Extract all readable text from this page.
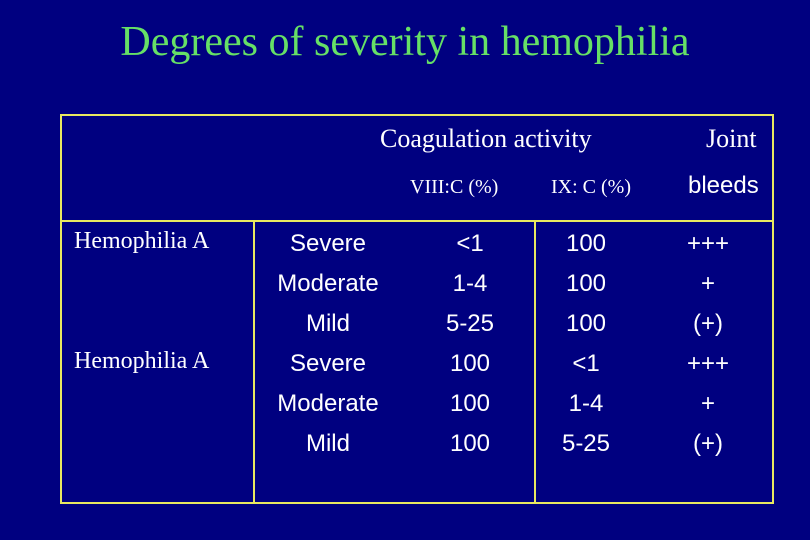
Degrees of severity in hemophilia
Coagulation activity	Joint
VIII:C (%)	IX: C (%) bleeds
Hemophilia A
Hemophilia A
Severe
Moderate
Mild
Severe
Moderate
Mild
<1
1-4
5-25
100
100
100
100
100
100
<1
1-4
5-25
+++
+
(+)
+++
+
(+)
